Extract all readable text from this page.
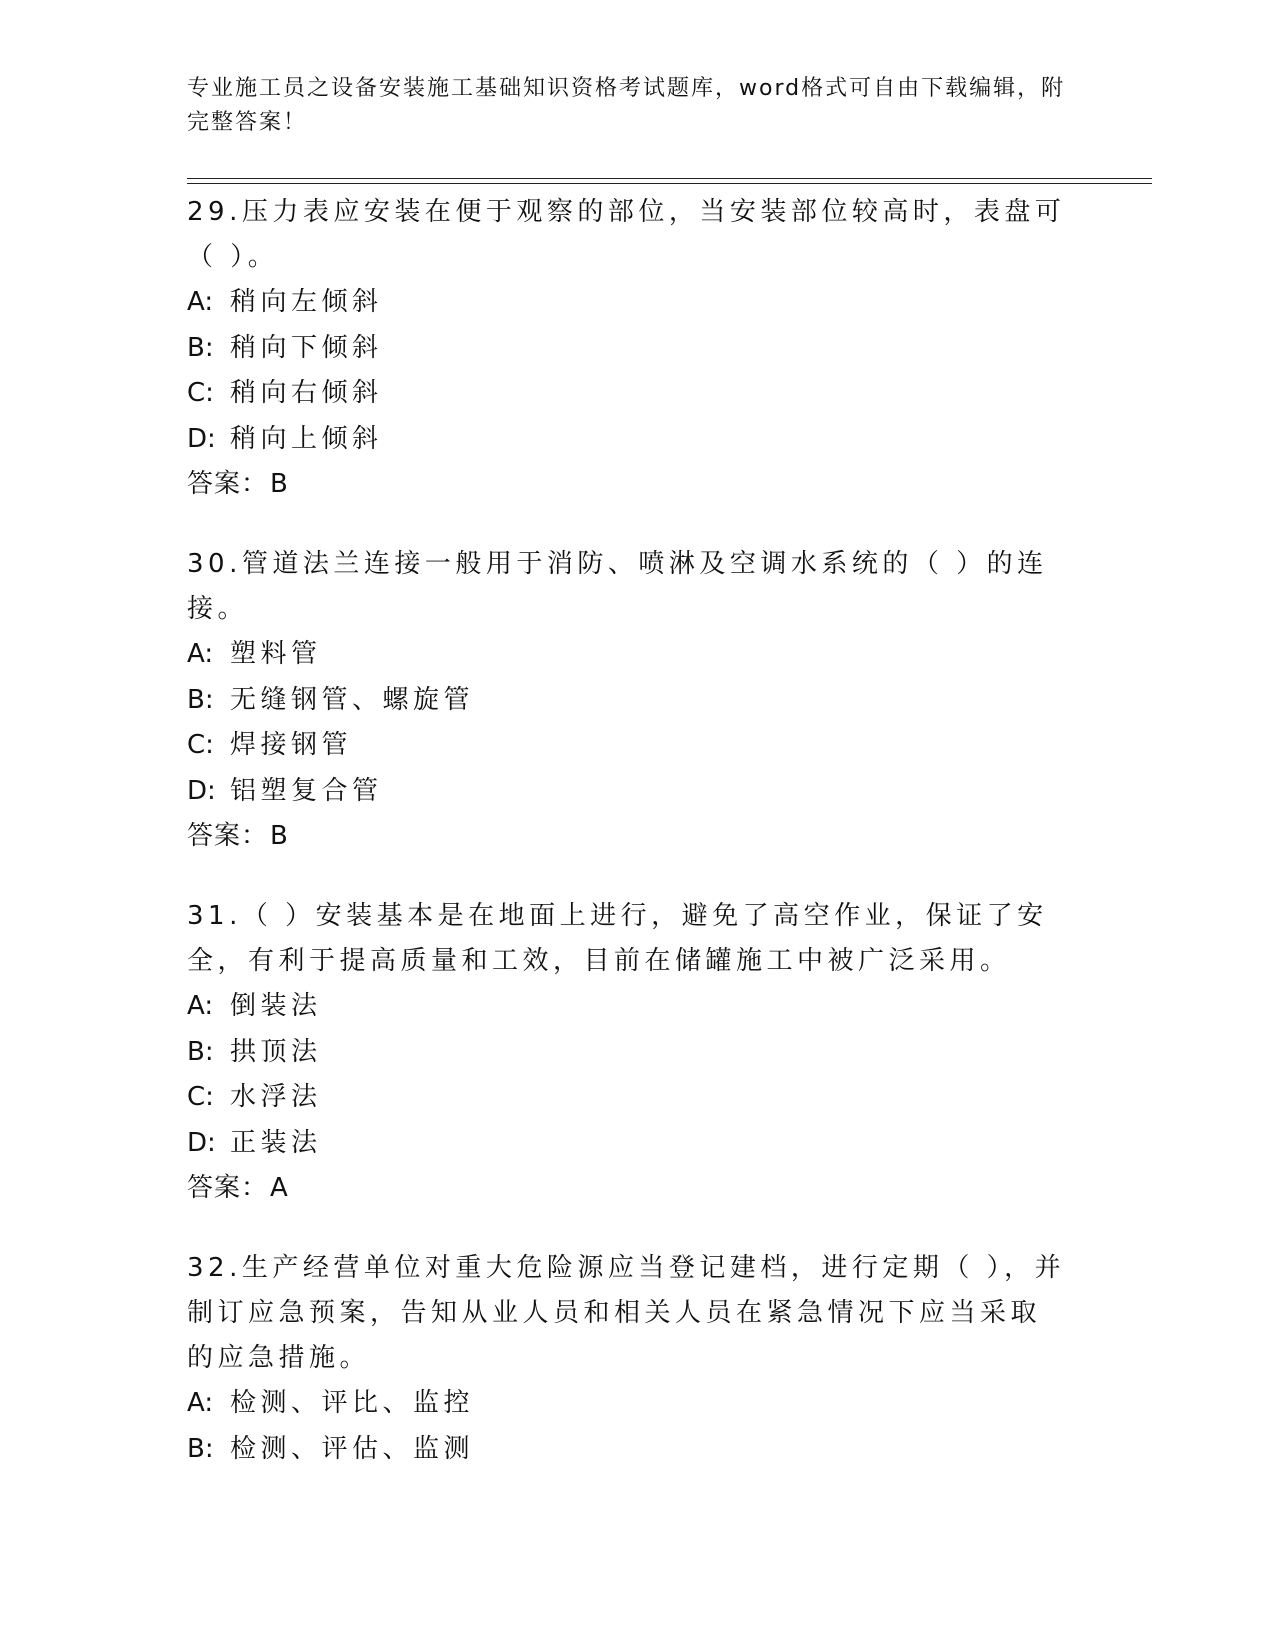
专业施工员之设备安装施工基础知识资格考试题库，word格式可自由下载编辑，附完整答案！
29.压力表应安装在便于观察的部位，当安装部位较高时，表盘可（ ）。
A: 稍向左倾斜
B: 稍向下倾斜
C: 稍向右倾斜
D: 稍向上倾斜
答案：B
30.管道法兰连接一般用于消防、喷淋及空调水系统的（ ）的连接。
A: 塑料管
B: 无缝钢管、螺旋管
C: 焊接钢管
D: 铝塑复合管
答案：B
31.（ ）安装基本是在地面上进行，避免了高空作业，保证了安全，有利于提高质量和工效，目前在储罐施工中被广泛采用。
A: 倒装法
B: 拱顶法
C: 水浮法
D: 正装法
答案：A
32.生产经营单位对重大危险源应当登记建档，进行定期（ ），并制订应急预案，告知从业人员和相关人员在紧急情况下应当采取的应急措施。
A: 检测、评比、监控
B: 检测、评估、监测
